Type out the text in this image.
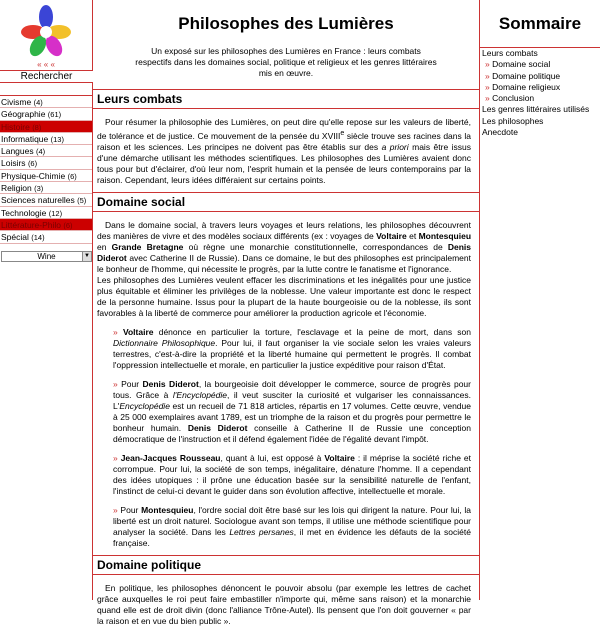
« « «
Rechercher
Civisme (4)
Géographie (61)
Histoire (8)
Informatique (13)
Langues (4)
Loisirs (6)
Physique-Chimie (6)
Religion (3)
Sciences naturelles (5)
Technologie (12)
Littérature-Philo (6)
Spécial (14)
Wine	▼
Philosophes des Lumières
Un exposé sur les philosophes des Lumières en France : leurs combats respectifs dans les domaines social, politique et religieux et les genres littéraires mis en œuvre.
Leurs combats

Pour résumer la philosophie des Lumières, on peut dire qu'elle repose sur les valeurs de liberté, de tolérance et de justice. Ce mouvement de la pensée du XVIIIe siècle trouve ses racines dans la raison et les sciences. Les principes ne doivent pas être établis sur des a priori mais être issus d'une démarche utilisant les méthodes scientifiques. Les philosophes des Lumières avaient donc tous pour but d'éclairer, d'où leur nom, l'esprit humain et la pensée de leurs contemporains par la raison. Cependant, leurs idées différaient sur certains points.

Domaine social

Dans le domaine social, à travers leurs voyages et leurs relations, les philosophes découvrent des manières de vivre et des modèles sociaux différents (ex : voyages de Voltaire et Montesquieu en Grande Bretagne où règne une monarchie constitutionnelle, correspondances de Denis Diderot avec Catherine II de Russie). Dans ce domaine, le but des philosophes est principalement le bonheur de l'homme, qui nécessite le progrès, par la lutte contre le fanatisme et l'ignorance.
Les philosophes des Lumières veulent effacer les discriminations et les inégalités pour une justice plus équitable et éliminer les privilèges de la noblesse. Une valeur importante est donc le respect de la personne humaine. Issus pour la plupart de la haute bourgeoisie ou de la noblesse, ils sont favorables à la liberté de commerce pour améliorer la production agricole et l'économie.

» Voltaire dénonce en particulier la torture, l'esclavage et la peine de mort, dans son Dictionnaire Philosophique. Pour lui, il faut organiser la vie sociale selon les vraies valeurs terrestres, c'est-à-dire la propriété et la liberté humaine qui permettent le progrès. Il combat l'oppression intellectuelle et morale, en particulier la justice expéditive pour raison d'État.
» Pour Denis Diderot, la bourgeoisie doit développer le commerce, source de progrès pour tous. Grâce à l'Encyclopédie, il veut susciter la curiosité et vulgariser les connaissances. L'Encyclopédie est un recueil de 71 818 articles, répartis en 17 volumes. Cette œuvre, vendue à 25 000 exemplaires avant 1789, est un triomphe de la raison et du progrès pour permettre le bonheur humain. Denis Diderot conseille à Catherine II de Russie une conception démocratique de l'instruction et il défend également l'idée de l'égalité devant l'impôt.
» Jean-Jacques Rousseau, quant à lui, est opposé à Voltaire : il méprise la société riche et corrompue. Pour lui, la société de son temps, inégalitaire, dénature l'homme. Il a cependant des idées utopiques : il prône une éducation basée sur la sensibilité naturelle de l'enfant, l'instinct de celui-ci devant le guider dans son évolution affective, intellectuelle et morale.
» Pour Montesquieu, l'ordre social doit être basé sur les lois qui dirigent la nature. Pour lui, la liberté est un droit naturel. Sociologue avant son temps, il utilise une méthode scientifique pour analyser la société. Dans les Lettres persanes, il met en évidence les défauts de la société française.
Domaine politique

En politique, les philosophes dénoncent le pouvoir absolu (par exemple les lettres de cachet grâce auxquelles le roi peut faire embastiller n'importe qui, même sans raison) et la monarchie quand elle est de droit divin (donc l'alliance Trône-Autel). Ils pensent que l'on doit gouverner « par la raison et en vue du bien public ».

Sommaire
Leurs combats
» Domaine social
» Domaine politique
» Domaine religieux
» Conclusion
Les genres littéraires utilisés
Les philosophes
Anecdote
